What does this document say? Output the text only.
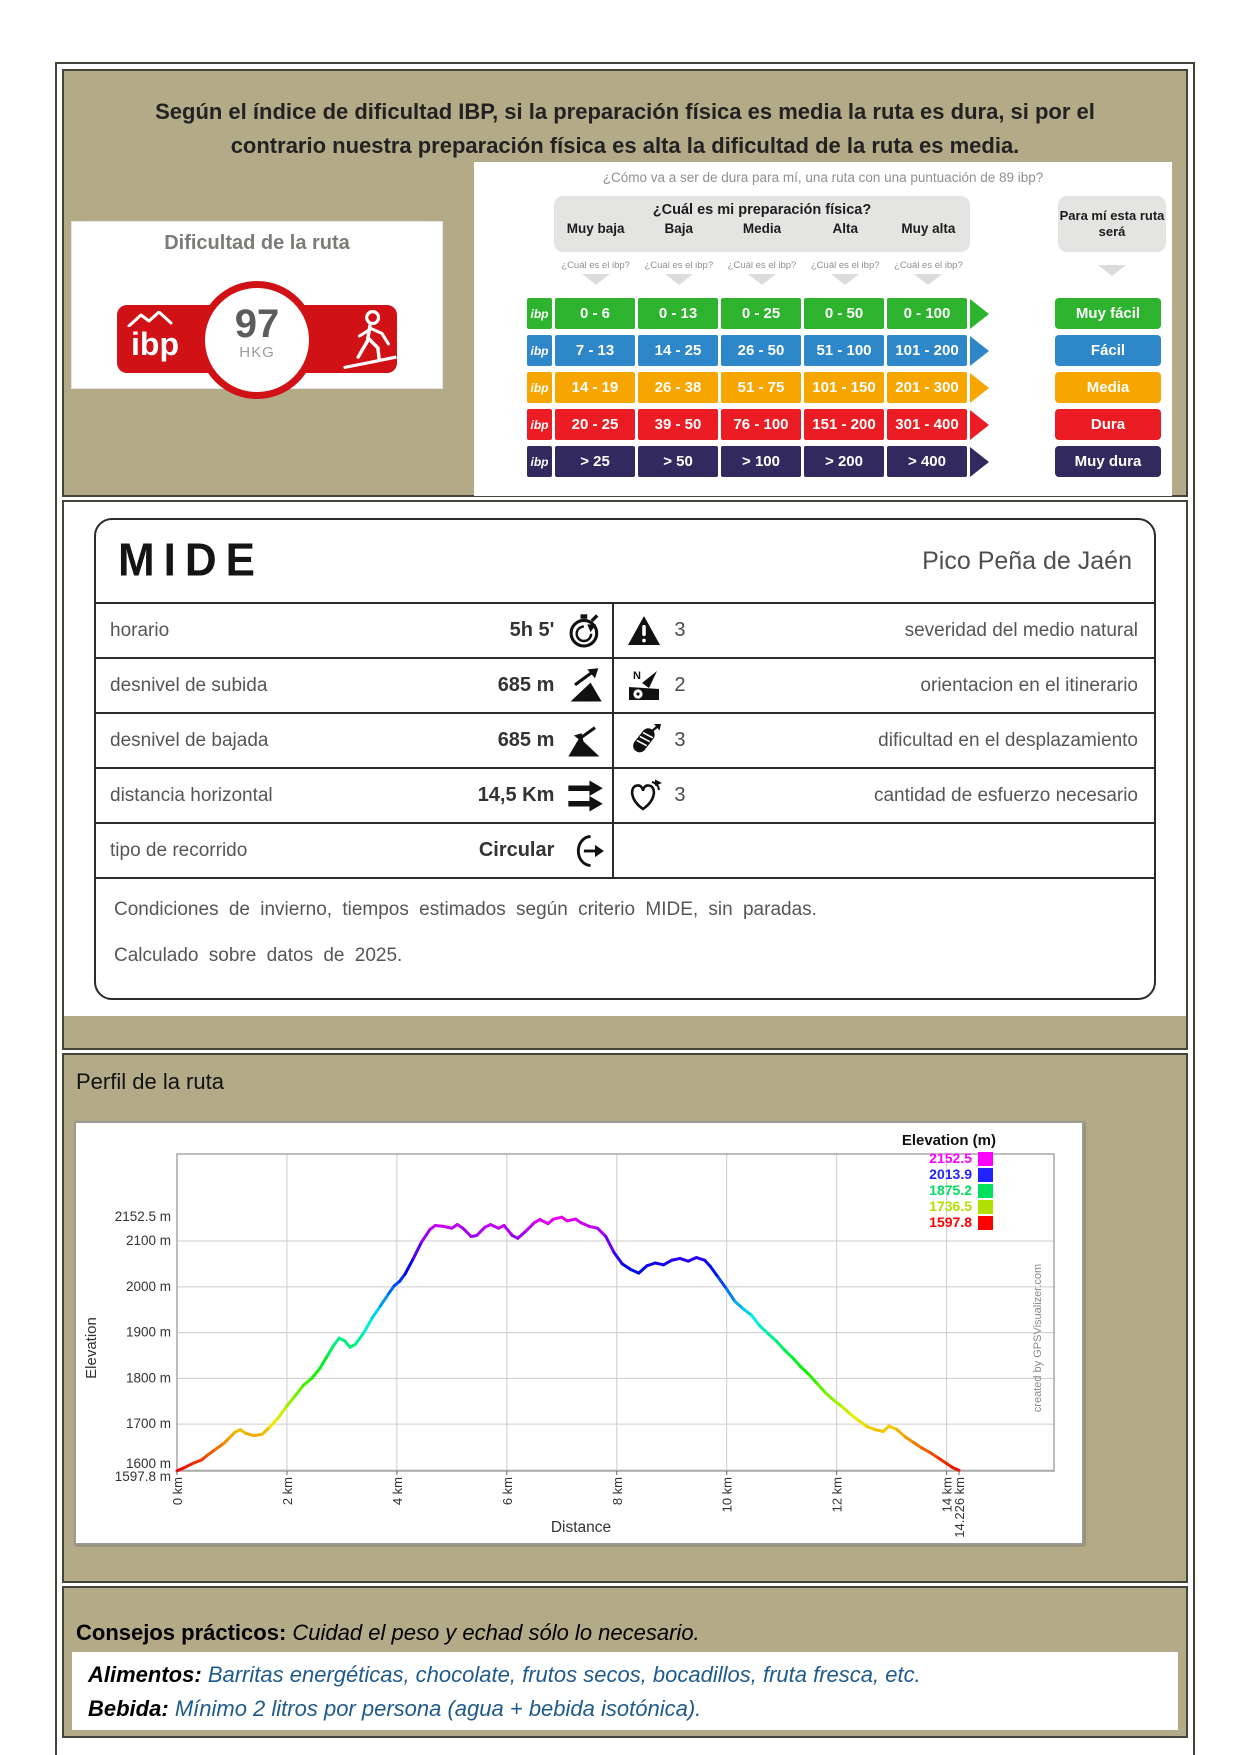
Según el índice de dificultad IBP, si la preparación física es media la ruta es dura, si por el
contrario nuestra preparación física es alta la dificultad de la ruta es media.
Dificultad de la ruta
ibp	97
HKG
¿Cómo va a ser de dura para mí, una ruta con una puntuación de 89 ibp?
¿Cuál es mi preparación física?
Muy baja	Baja	Media	Alta	Muy alta
Para mí esta ruta será
¿Cuál es el ibp?	¿Cuál es el ibp?	¿Cuál es el ibp?	¿Cuál es el ibp?	¿Cuál es el ibp?
ibp	0 - 6	0 - 13	0 - 25	0 - 50	0 - 100	Muy fácil
ibp	7 - 13	14 - 25	26 - 50	51 - 100	101 - 200	Fácil
ibp	14 - 19	26 - 38	51 - 75	101 - 150	201 - 300	Media
ibp	20 - 25	39 - 50	76 - 100	151 - 200	301 - 400	Dura
ibp	> 25	> 50	> 100	> 200	> 400	Muy dura
MIDE	Pico Peña de Jaén
horario	5h 5'	3	severidad del medio natural
desnivel de subida	685 m	N 2	orientacion en el itinerario
desnivel de bajada	685 m	3	dificultad en el desplazamiento
distancia horizontal	14,5 Km	3	cantidad de esfuerzo necesario
tipo de recorrido	Circular
Condiciones de invierno, tiempos estimados según criterio MIDE, sin paradas.
Calculado sobre datos de 2025.
Perfil de la ruta
2152.5 m
2100 m
2000 m
1900 m
1800 m
1700 m
1600 m
1597.8 m
0 km	2 km	4 km	6 km	8 km	10 km	12 km	14 km
14.226 km
Elevation
Distance
Elevation (m)
2152.5
2013.9
1875.2
1736.5
1597.8
created by GPSVisualizer.com
Consejos prácticos: Cuidad el peso y echad sólo lo necesario.
Alimentos: Barritas energéticas, chocolate, frutos secos, bocadillos, fruta fresca, etc.
Bebida: Mínimo 2 litros por persona (agua + bebida isotónica).
